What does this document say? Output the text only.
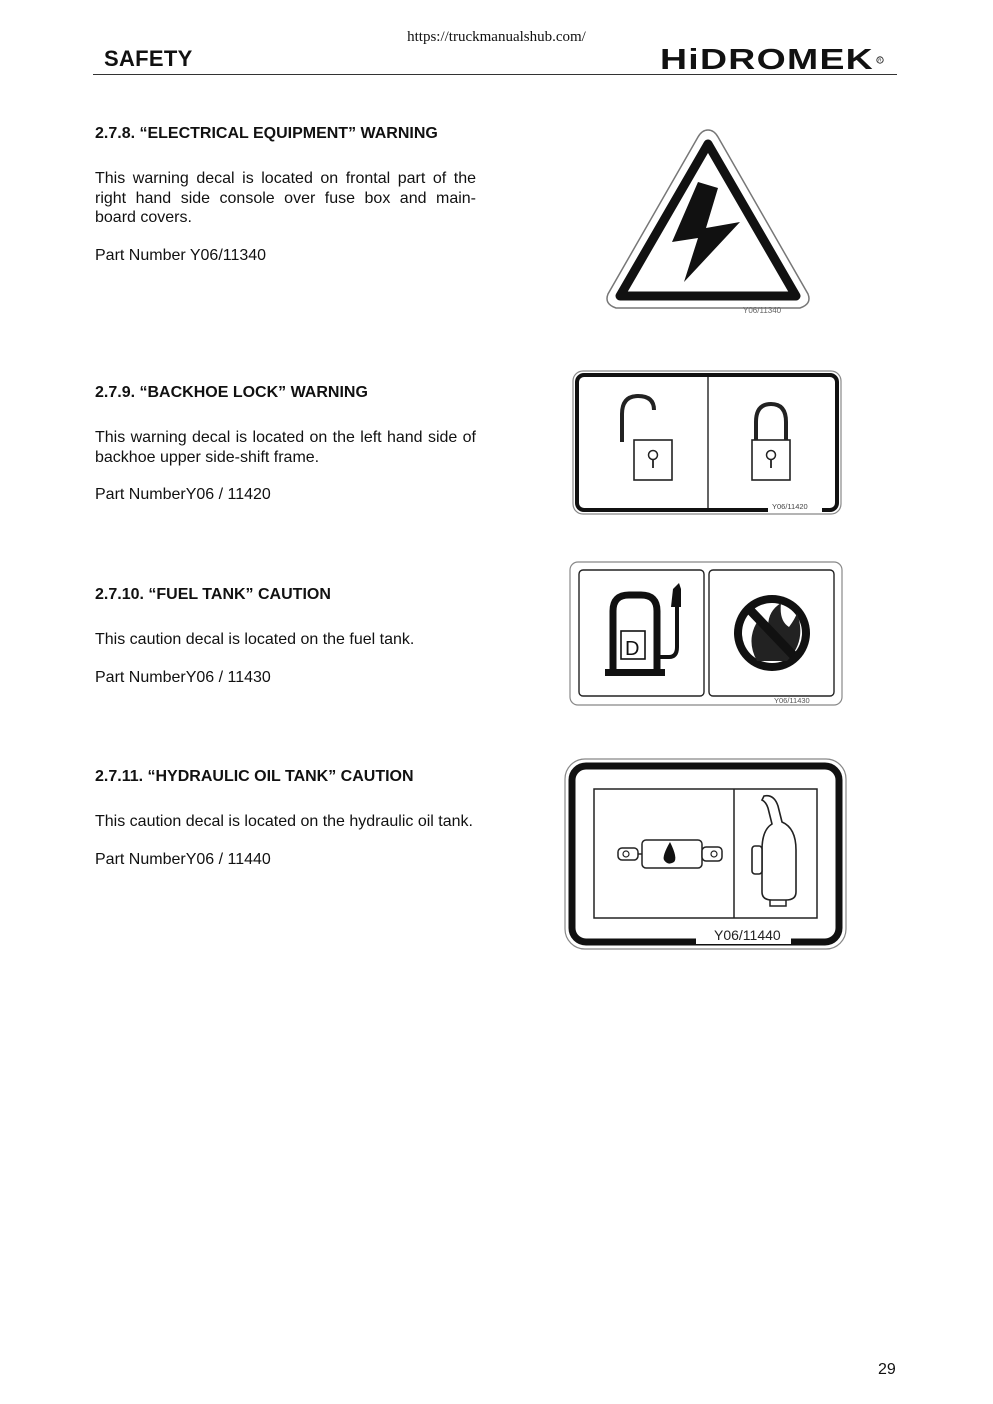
https://truckmanualshub.com/
SAFETY	HiDROMEK R
2.7.8. “ELECTRICAL EQUIPMENT” WARNING

This warning decal is located on frontal part of the right hand side console over fuse box and main-board covers.

Part Number Y06/11340

Y06/11340
2.7.9. “BACKHOE LOCK” WARNING

This warning decal is located on the left hand side of backhoe upper side-shift frame.

Part NumberY06 / 11420

Y06/11420
2.7.10. “FUEL TANK” CAUTION

This caution decal is located on the fuel tank.

Part NumberY06 / 11430

D
Y06/11430
2.7.11. “HYDRAULIC OIL TANK” CAUTION

This caution decal is located on the hydraulic oil tank.

Part NumberY06 / 11440

Y06/11440
29
